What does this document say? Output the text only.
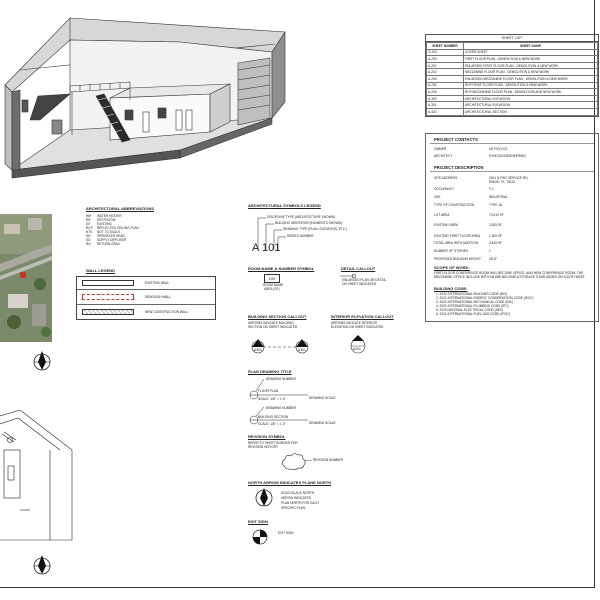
SHEET LIST
SHEET NUMBER	SHEET NAME
G-100	COVER SHEET
A-200	FIRST FLOOR PLAN - DEMOLITION & NEW WORK
A-201	ENLARGED FIRST FLOOR PLAN - DEMOLITION & NEW WORK
A-202	MEZZANINE FLOOR PLAN - DEMOLITION & NEW WORK
A-203	ENLARGED MEZZANINE FLOOR PLAN - DEMOLITION & NEW WORK
A-204	RCP FIRST FLOOR PLAN - DEMOLITION & NEW WORK
A-205	RCP MEZZANINE FLOOR PLAN - DEMOLITION AND NEW WORK
A-300	ARCHITECTURAL ELEVATION
A-301	ARCHITECTURAL ELEVATION
A-400	ARCHITECTURAL SECTION
PROJECT CONTACTS
OWNER	US POLYCO
ARCHITECT	SYNCON ENGINEERING
PROJECT DESCRIPTION
SITE ADDRESS	2001 N FWY SERVICE RD, ENNIS, TX, 75119
OCCUPANCY	F-1
USE	INDUSTRIAL
TYPE OF CONSTRUCTION	TYPE 1A
LOT AREA	70,919 SF
EXISTING AREA	2,505 SF
EXISTING FIRST FLOOR AREA	1,305 SF
TOTAL AREA WITH ADDITION	3,445 SF
NUMBER OF STORIES	1
PROPOSED BUILDING HEIGHT	28'-6"
SCOPE OF WORK:
FIRST-FLOOR CONFERENCE ROOM WILL BECOME OFFICE, AND NEW CONFERENCE ROOM. THE
MEZZANINE OFFICE INCLUDE WITH AN ARE BECOME A STORAGE STAIR ADDED ON SOUTH WEST
BUILDING CODE:
1. 2021 INTERNATIONAL BUILDING CODE (IBC)
2. 2021 INTERNATIONAL ENERGY CONSERVATION CODE (IECC)
3. 2021 INTERNATIONAL MECHANICAL CODE (IMC)
4. 2021 INTERNATIONAL PLUMBING CODE (IPC)
5. 2020 NATIONAL ELECTRICAL CODE (NEC)
6. 2021 INTERNATIONAL FUEL GAS CODE (IFGC)
ARCHITECTURAL ABBREVIATIONS
WH WATER HEATER
RR RESTROOM
EX EXISTING
RCP REFLECTED CEILING PLAN
NTS NOT TO SCALE
SH SPRINKLER HEAD
SD SUPPLY DIFFUSER
RG RETURN GRILL
WALL LEGEND
EXISTING WALL
DEMOLISH WALL
NEW CONSTRUCTION WALL
ARCHITECTURAL SYMBOLS LEGEND
DISCIPLINE TYPE (ARCHITECTURE SHOWN)
BUILDING IDENTIFIER (ELEMENTS SHOWN)
DRAWING TYPE (PLAN, ELEVATION, ETC.)
SERIES NUMBER
A 101
ROOM NAME & NUMBER SYMBOL
100
ROOM NAME
AREA (SF)
DETAIL CALLOUT
ENLARGED PLAN OR DETAIL
ON SHEET INDICATED
BUILDING SECTION CALLOUT
ARROWS INDICATE BUILDING
SECTION ON SHEET INDICATED
A301	A301
INTERIOR ELEVATION CALLOUT
ARROWS INDICATE INTERIOR
ELEVATION ON SHEET INDICATED
A201
PLAN DRAWING TITLE
DRAWING NUMBER
FLOOR PLAN
SCALE: 1/8" = 1'-0"	DRAWING SCALE
DRAWING NUMBER
BUILDING SECTION
SCALE: 1/8" = 1'-0"	DRAWING SCALE
REVISION SYMBOL
REFER TO SHEET BORDER FOR
REVISION HISTORY
REVISION NUMBER
NORTH ARROW INDICATES PLANE NORTH
SOLID BLACK NORTH
ARROW INDICATES
PLAN NORTH FOR EACH
SPECIFIC PLAN
EXIT SIGN
EXIT SIGN
